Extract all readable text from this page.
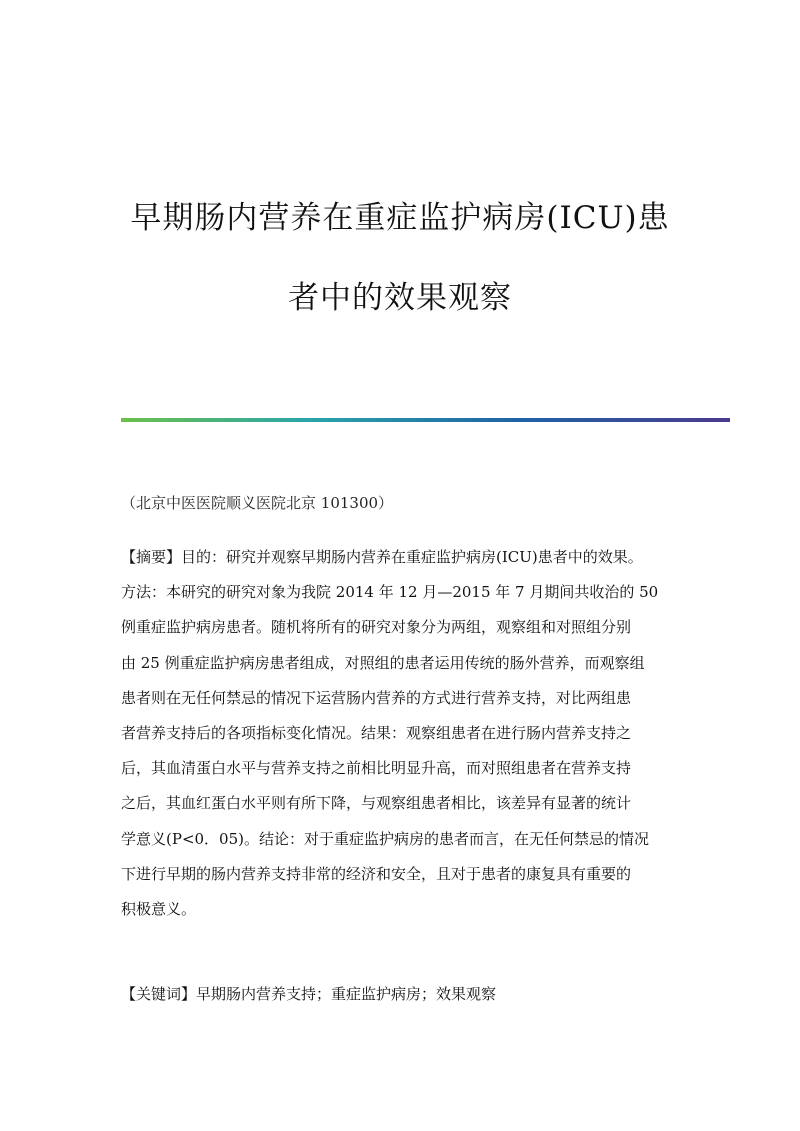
早期肠内营养在重症监护病房(ICU)患
者中的效果观察
（北京中医医院顺义医院北京 101300）
【摘要】目的：研究并观察早期肠内营养在重症监护病房(ICU)患者中的效果。
方法：本研究的研究对象为我院 2014 年 12 月—2015 年 7 月期间共收治的 50
例重症监护病房患者。随机将所有的研究对象分为两组，观察组和对照组分别
由 25 例重症监护病房患者组成，对照组的患者运用传统的肠外营养，而观察组
患者则在无任何禁忌的情况下运营肠内营养的方式进行营养支持，对比两组患
者营养支持后的各项指标变化情况。结果：观察组患者在进行肠内营养支持之
后，其血清蛋白水平与营养支持之前相比明显升高，而对照组患者在营养支持
之后，其血红蛋白水平则有所下降，与观察组患者相比，该差异有显著的统计
学意义(P<0．05)。结论：对于重症监护病房的患者而言，在无任何禁忌的情况
下进行早期的肠内营养支持非常的经济和安全，且对于患者的康复具有重要的
积极意义。
【关键词】早期肠内营养支持；重症监护病房；效果观察
